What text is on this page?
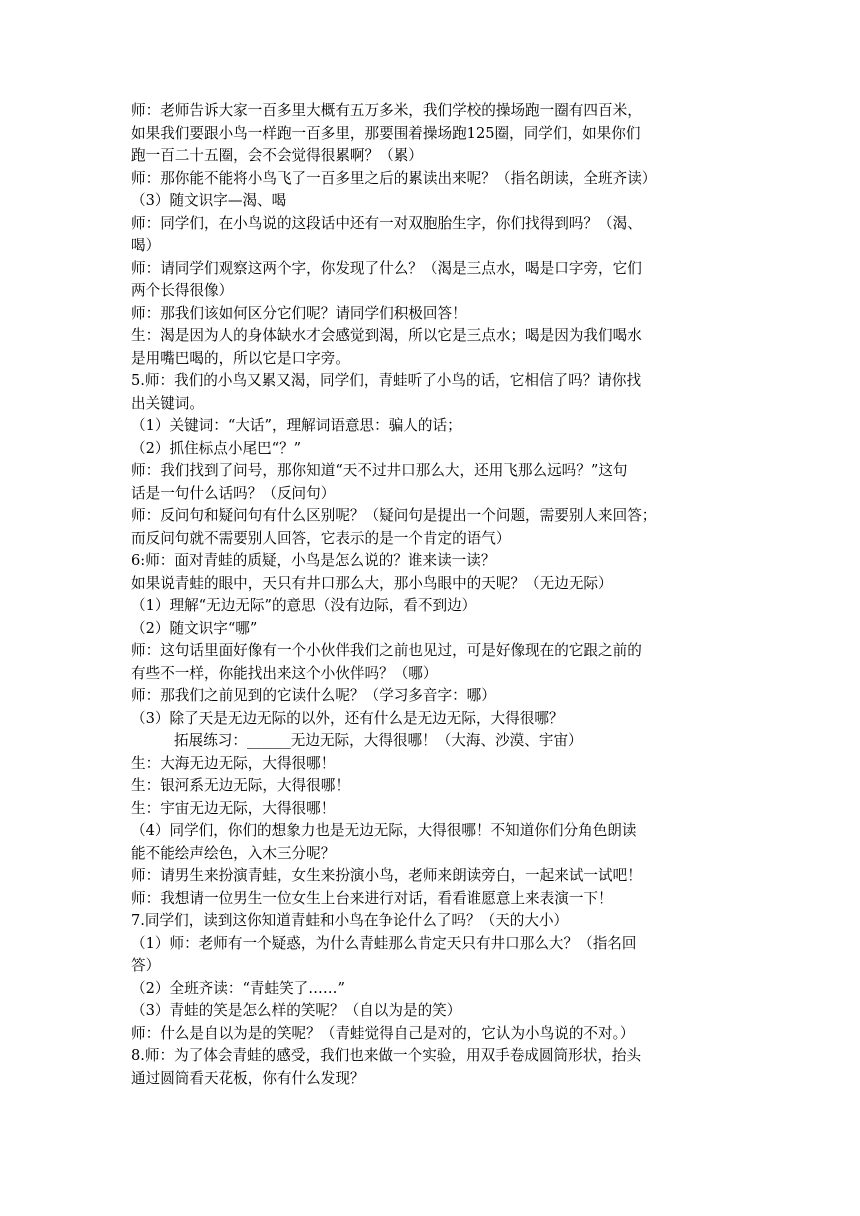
师：老师告诉大家一百多里大概有五万多米，我们学校的操场跑一圈有四百米，
如果我们要跟小鸟一样跑一百多里，那要围着操场跑125圈，同学们，如果你们
跑一百二十五圈，会不会觉得很累啊？（累）
师：那你能不能将小鸟飞了一百多里之后的累读出来呢？（指名朗读，全班齐读）
（3）随文识字—渴、喝
师：同学们，在小鸟说的这段话中还有一对双胞胎生字，你们找得到吗？（渴、
喝）
师：请同学们观察这两个字，你发现了什么？（渴是三点水，喝是口字旁，它们
两个长得很像）
师：那我们该如何区分它们呢？请同学们积极回答！
生：渴是因为人的身体缺水才会感觉到渴，所以它是三点水；喝是因为我们喝水
是用嘴巴喝的，所以它是口字旁。
5.师：我们的小鸟又累又渴，同学们，青蛙听了小鸟的话，它相信了吗？请你找
出关键词。
（1）关键词：“大话”，理解词语意思：骗人的话；
（2）抓住标点小尾巴“？”
师：我们找到了问号，那你知道“天不过井口那么大，还用飞那么远吗？”这句
话是一句什么话吗？（反问句）
师：反问句和疑问句有什么区别呢？（疑问句是提出一个问题，需要别人来回答；
而反问句就不需要别人回答，它表示的是一个肯定的语气）
6:师：面对青蛙的质疑，小鸟是怎么说的？谁来读一读？
如果说青蛙的眼中，天只有井口那么大，那小鸟眼中的天呢？（无边无际）
（1）理解“无边无际”的意思（没有边际，看不到边）
（2）随文识字“哪”
师：这句话里面好像有一个小伙伴我们之前也见过，可是好像现在的它跟之前的
有些不一样，你能找出来这个小伙伴吗？（哪）
师：那我们之前见到的它读什么呢？（学习多音字：哪）
（3）除了天是无边无际的以外，还有什么是无边无际，大得很哪？
拓展练习：______无边无际，大得很哪！（大海、沙漠、宇宙）
生：大海无边无际，大得很哪！
生：银河系无边无际，大得很哪！
生：宇宙无边无际，大得很哪！
（4）同学们，你们的想象力也是无边无际，大得很哪！不知道你们分角色朗读
能不能绘声绘色，入木三分呢？
师：请男生来扮演青蛙，女生来扮演小鸟，老师来朗读旁白，一起来试一试吧！
师：我想请一位男生一位女生上台来进行对话，看看谁愿意上来表演一下！
7.同学们，读到这你知道青蛙和小鸟在争论什么了吗？（天的大小）
（1）师：老师有一个疑惑，为什么青蛙那么肯定天只有井口那么大？（指名回
答）
（2）全班齐读：“青蛙笑了……”
（3）青蛙的笑是怎么样的笑呢？（自以为是的笑）
师：什么是自以为是的笑呢？（青蛙觉得自己是对的，它认为小鸟说的不对。）
8.师：为了体会青蛙的感受，我们也来做一个实验，用双手卷成圆筒形状，抬头
通过圆筒看天花板，你有什么发现？
